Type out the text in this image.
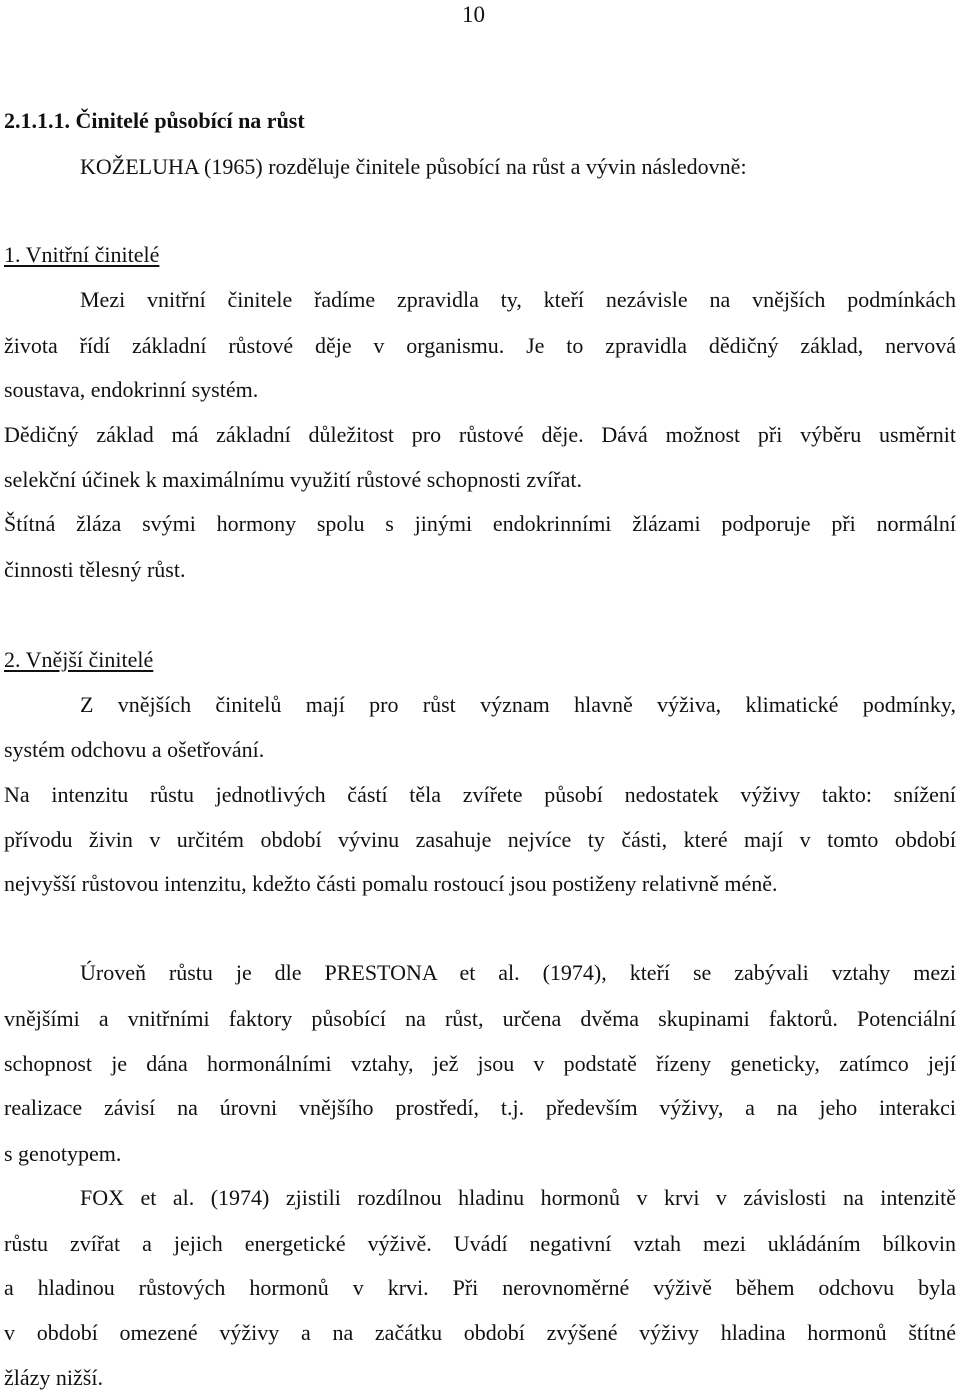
10
2.1.1.1. Činitelé působící na růst
KOŽELUHA (1965) rozděluje činitele působící na růst a vývin následovně:
1. Vnitřní činitelé
Mezi vnitřní činitele řadíme zpravidla ty, kteří nezávisle na vnějších podmínkách
života řídí základní růstové děje v organismu. Je to zpravidla dědičný základ, nervová
soustava, endokrinní systém.
Dědičný základ má základní důležitost pro růstové děje. Dává možnost při výběru usměrnit
selekční účinek k maximálnímu využití růstové schopnosti zvířat.
Štítná žláza svými hormony spolu s jinými endokrinními žlázami podporuje při normální
činnosti tělesný růst.
2. Vnější činitelé
Z vnějších činitelů mají pro růst význam hlavně výživa, klimatické podmínky,
systém odchovu a ošetřování.
Na intenzitu růstu jednotlivých částí těla zvířete působí nedostatek výživy takto: snížení
přívodu živin v určitém období vývinu zasahuje nejvíce ty části, které mají v tomto období
nejvyšší růstovou intenzitu, kdežto části pomalu rostoucí jsou postiženy relativně méně.
Úroveň růstu je dle PRESTONA et al. (1974), kteří se zabývali vztahy mezi
vnějšími a vnitřními faktory působící na růst, určena dvěma skupinami faktorů. Potenciální
schopnost je dána hormonálními vztahy, jež jsou v podstatě řízeny geneticky, zatímco její
realizace závisí na úrovni vnějšího prostředí, t.j. především výživy, a na jeho interakci
s genotypem.
FOX et al. (1974) zjistili rozdílnou hladinu hormonů v krvi v závislosti na intenzitě
růstu zvířat a jejich energetické výživě. Uvádí negativní vztah mezi ukládáním bílkovin
a hladinou růstových hormonů v krvi. Při nerovnoměrné výživě během odchovu byla
v období omezené výživy a na začátku období zvýšené výživy hladina hormonů štítné
žlázy nižší.
